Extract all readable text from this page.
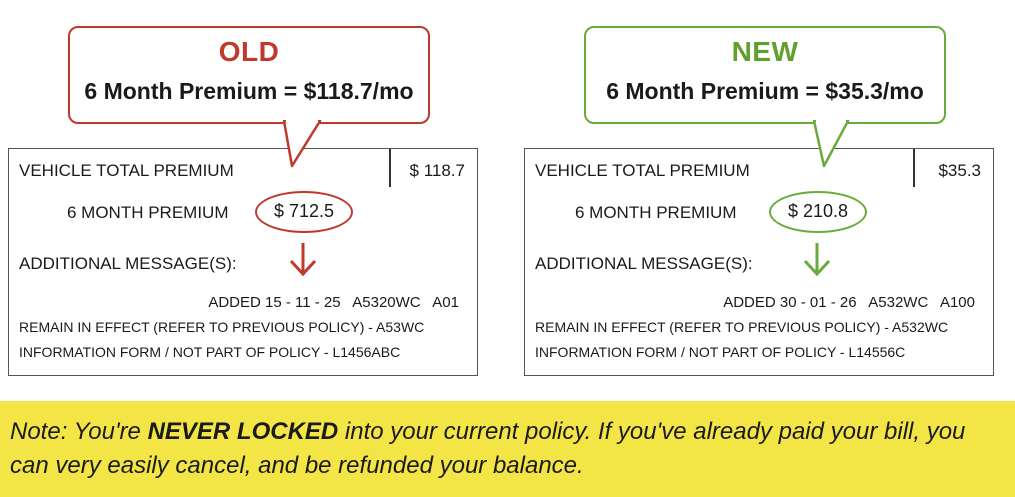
OLD
6 Month Premium = $118.7/mo
VEHICLE TOTAL PREMIUM	$ 118.7
6 MONTH PREMIUM	$ 712.5
ADDITIONAL MESSAGE(S):
ADDED 15 - 11 - 25   A5320WC   A01
REMAIN IN EFFECT (REFER TO PREVIOUS POLICY) - A53WC
INFORMATION FORM / NOT PART OF POLICY - L1456ABC
NEW
6 Month Premium = $35.3/mo
VEHICLE TOTAL PREMIUM	$35.3
6 MONTH PREMIUM	$ 210.8
ADDITIONAL MESSAGE(S):
ADDED 30 - 01 - 26   A532WC   A100
REMAIN IN EFFECT (REFER TO PREVIOUS POLICY) - A532WC
INFORMATION FORM / NOT PART OF POLICY - L14556C
Note: You're NEVER LOCKED into your current policy. If you've already paid your bill, you can very easily cancel, and be refunded your balance.
